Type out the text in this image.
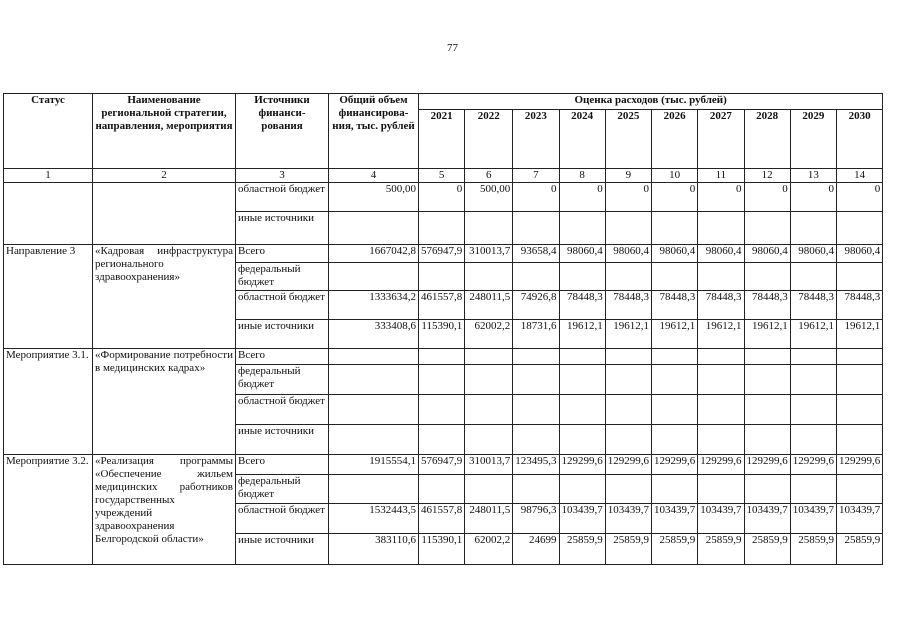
77
Статус	Наименование региональной стратегии, направления, мероприятия	Источники финанси-рования	Общий объем финансирова-ния, тыс. рублей	Оценка расходов (тыс. рублей)									
				2021	2022	2023	2024	2025	2026	2027	2028	2029	2030
1	2	3	4	5	6	7	8	9	10	11	12	13	14
		областной бюджет	500,00	0	500,00	0	0	0	0	0	0	0	0
		иные источники											
Направление 3	«Кадровая инфраструктура регионального здравоохранения»	Всего	1667042,8	576947,9	310013,7	93658,4	98060,4	98060,4	98060,4	98060,4	98060,4	98060,4	98060,4
		федеральный бюджет											
		областной бюджет	1333634,2	461557,8	248011,5	74926,8	78448,3	78448,3	78448,3	78448,3	78448,3	78448,3	78448,3
		иные источники	333408,6	115390,1	62002,2	18731,6	19612,1	19612,1	19612,1	19612,1	19612,1	19612,1	19612,1
Мероприятие 3.1.	«Формирование потребности в медицинских кадрах»	Всего											
		федеральный бюджет											
		областной бюджет											
		иные источники											
Мероприятие 3.2.	«Реализация программы «Обеспечение жильем медицинских работников государственных учреждений здравоохранения Белгородской области»	Всего	1915554,1	576947,9	310013,7	123495,3	129299,6	129299,6	129299,6	129299,6	129299,6	129299,6	129299,6
		федеральный бюджет											
		областной бюджет	1532443,5	461557,8	248011,5	98796,3	103439,7	103439,7	103439,7	103439,7	103439,7	103439,7	103439,7
		иные источники	383110,6	115390,1	62002,2	24699	25859,9	25859,9	25859,9	25859,9	25859,9	25859,9	25859,9
